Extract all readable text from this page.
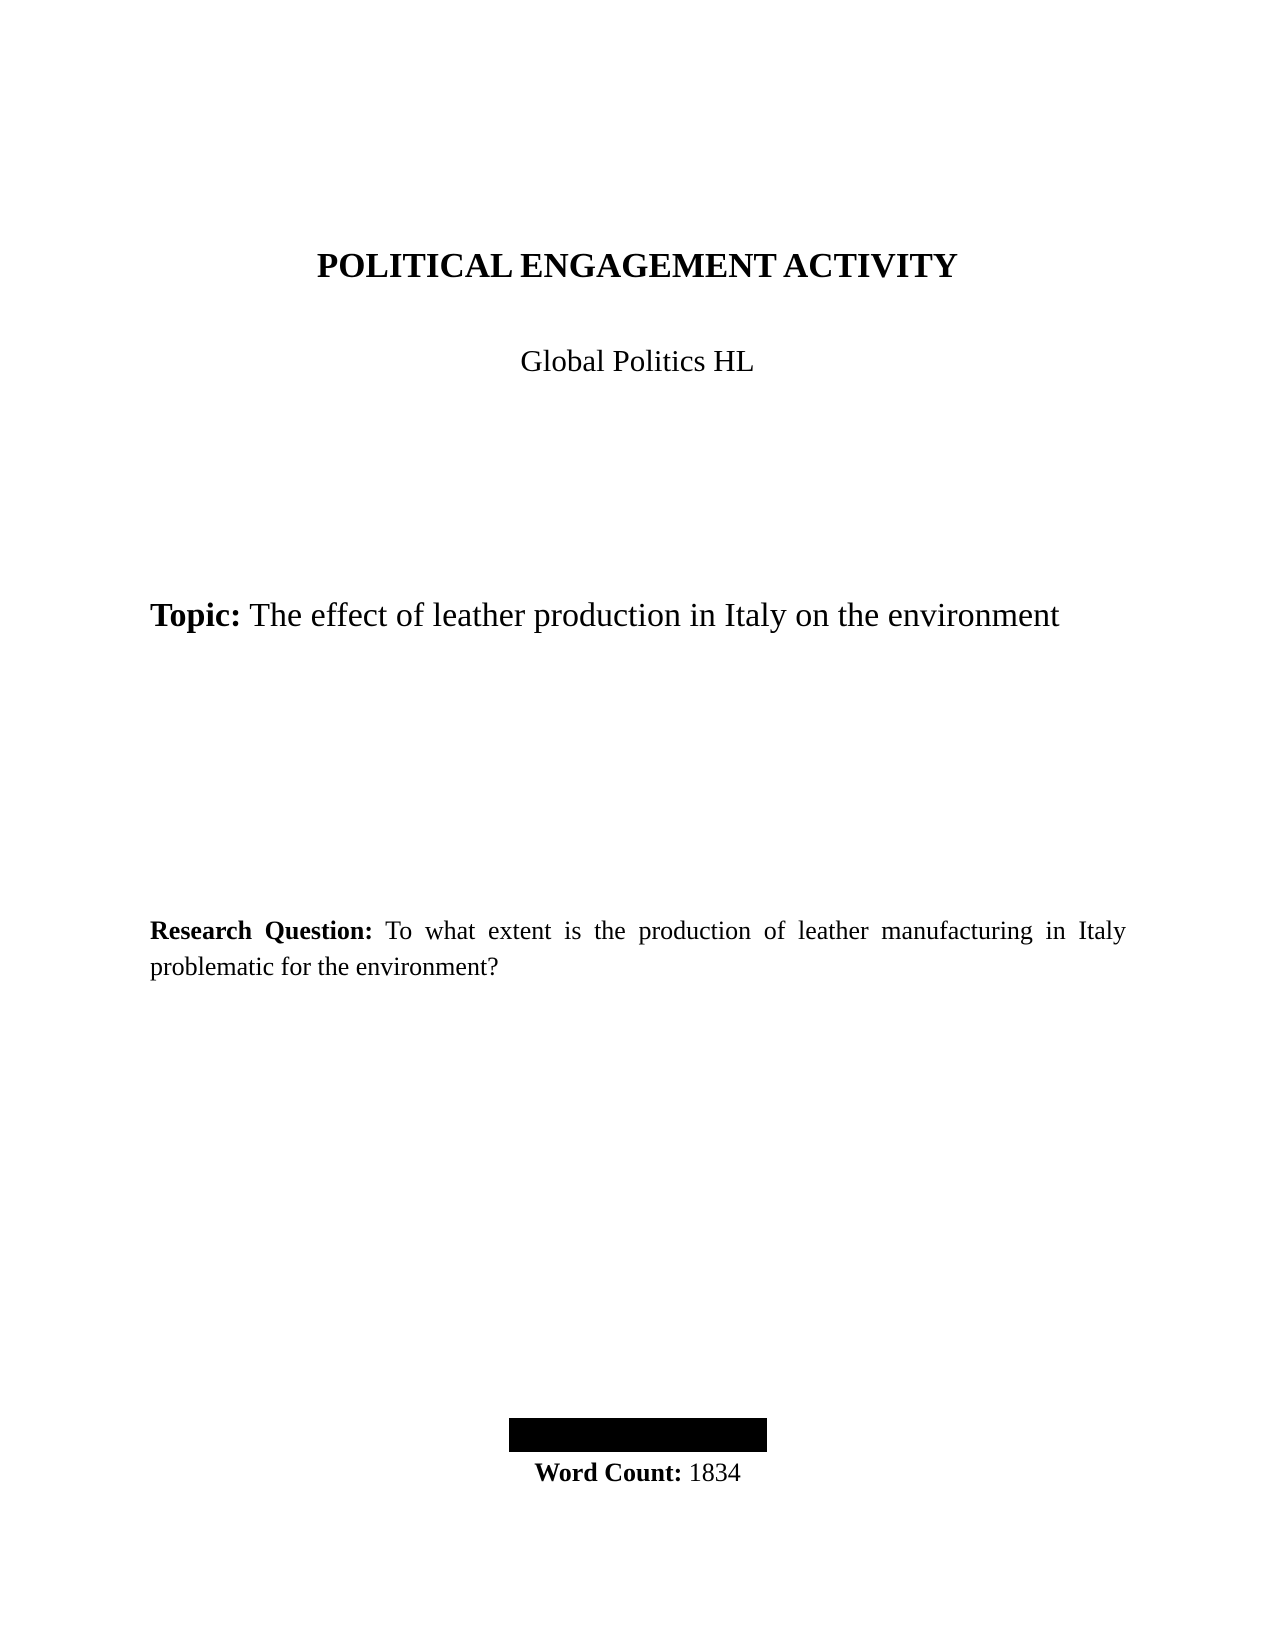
POLITICAL ENGAGEMENT ACTIVITY
Global Politics HL
Topic: The effect of leather production in Italy on the environment
Research Question: To what extent is the production of leather manufacturing in Italy problematic for the environment?
Word Count: 1834
